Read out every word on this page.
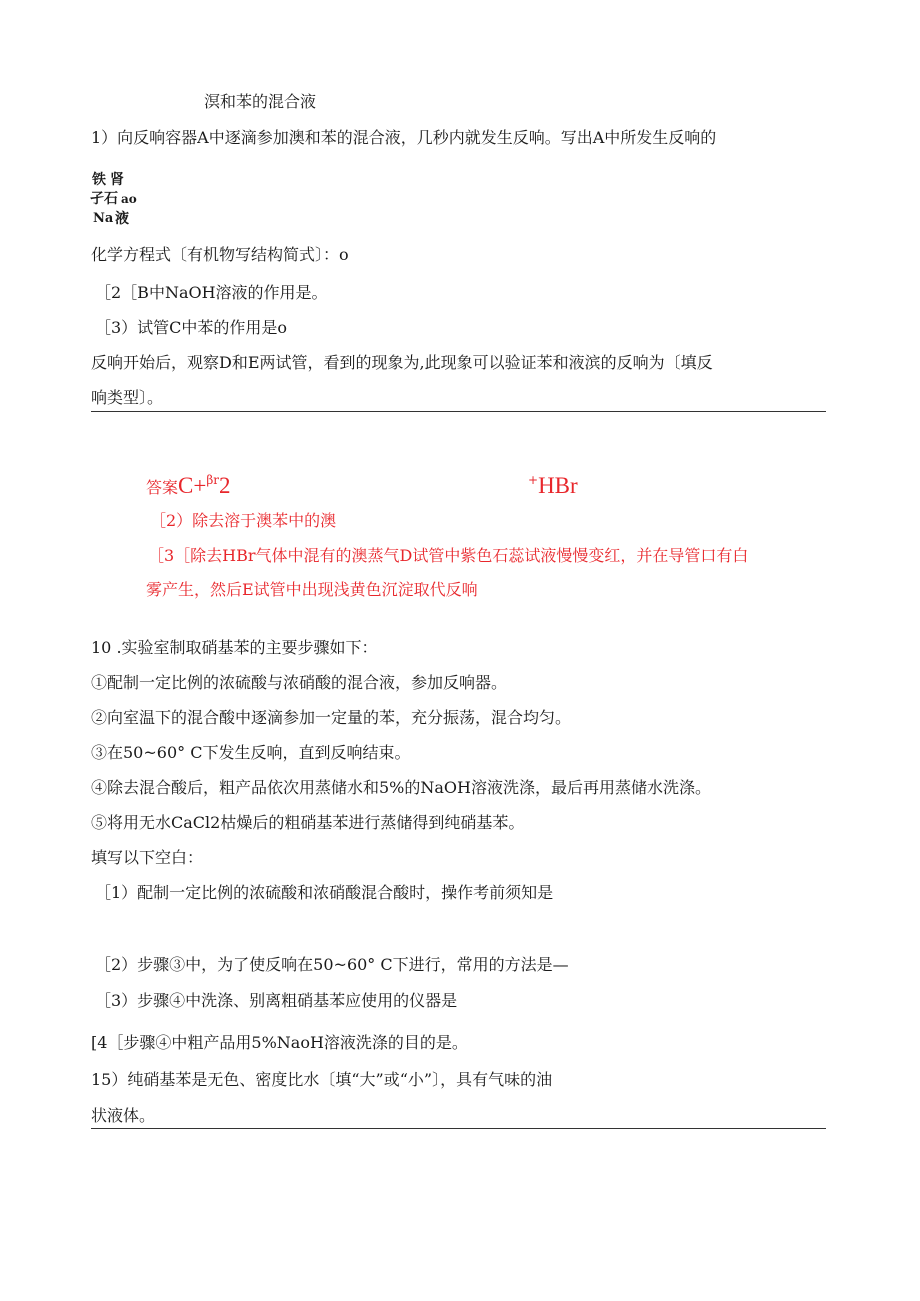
溟和苯的混合液
1）向反响容器A中逐滴参加澳和苯的混合液，几秒内就发生反响。写出A中所发生反响的
铁 肾
孑石 ao
Na 液
化学方程式〔有机物写结构简式〕：o
［2［B中NaOH溶液的作用是。
［3）试管C中苯的作用是o
反响开始后，观察D和E两试管，看到的现象为,此现象可以验证苯和液滨的反响为〔填反
响类型〕。
答案C+$^{\beta r}$2	+HBr
［2）除去溶于澳苯中的澳
［3［除去HBr气体中混有的澳蒸气D试管中紫色石蕊试液慢慢变红，并在导管口有白
雾产生，然后E试管中出现浅黄色沉淀取代反响
10 .实验室制取硝基苯的主要步骤如下：
①配制一定比例的浓硫酸与浓硝酸的混合液，参加反响器。
②向室温下的混合酸中逐滴参加一定量的苯，充分振荡，混合均匀。
③在50~60° C下发生反响，直到反响结束。
④除去混合酸后，粗产品依次用蒸储水和5%的NaOH溶液洗涤，最后再用蒸储水洗涤。
⑤将用无水CaCl2枯燥后的粗硝基苯进行蒸储得到纯硝基苯。
填写以下空白：
［1）配制一定比例的浓硫酸和浓硝酸混合酸时，操作考前须知是
［2）步骤③中，为了使反响在50~60° C下进行，常用的方法是—
［3）步骤④中洗涤、别离粗硝基苯应使用的仪器是
[4［步骤④中粗产品用5%NaoH溶液洗涤的目的是。
15）纯硝基苯是无色、密度比水〔填“大”或“小”〕，具有气味的油
状液体。
